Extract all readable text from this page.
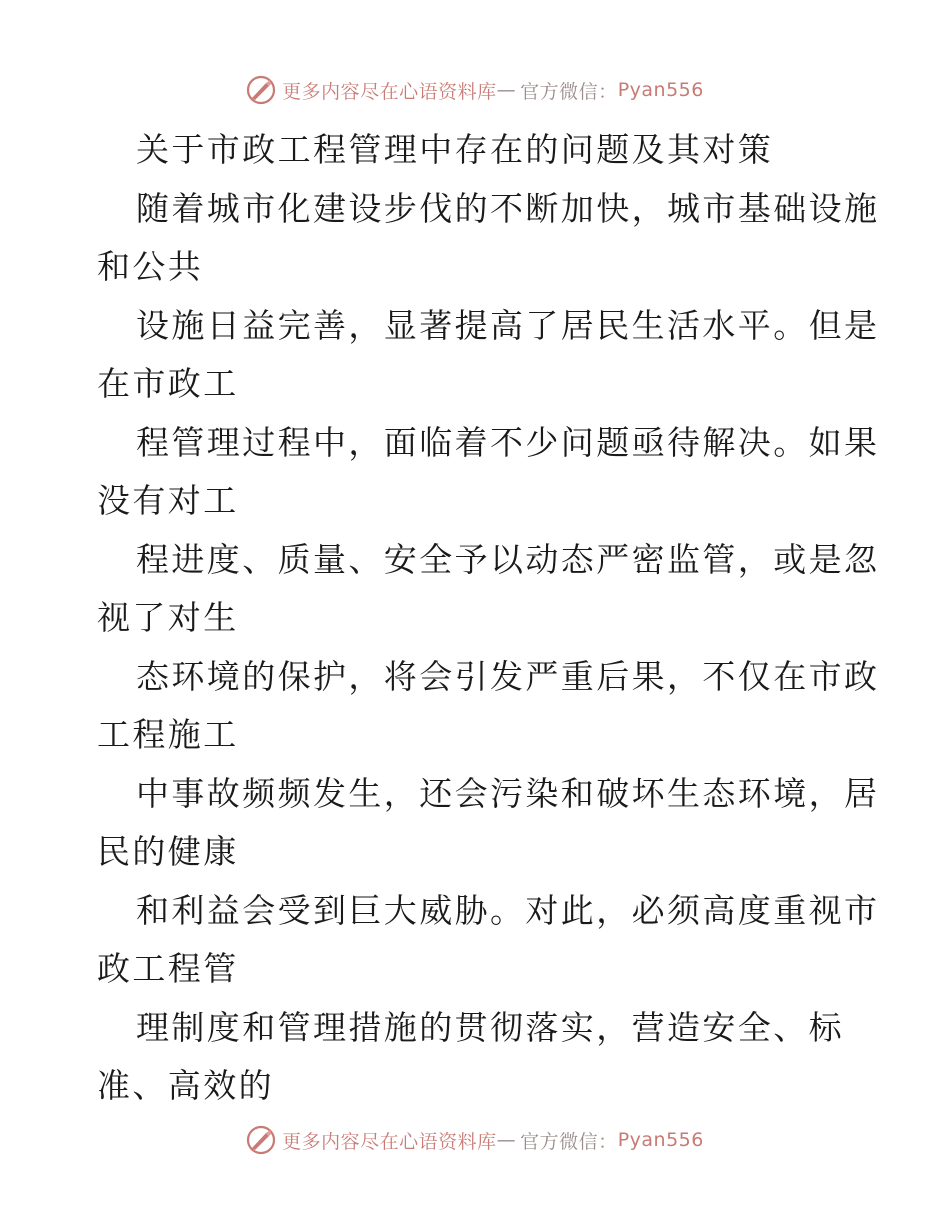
更多内容尽在心语资料库 — 官方微信： Pyan556
关于市政工程管理中存在的问题及其对策
随着城市化建设步伐的不断加快，城市基础设施
和公共
设施日益完善，显著提高了居民生活水平。但是
在市政工
程管理过程中，面临着不少问题亟待解决。如果
没有对工
程进度、质量、安全予以动态严密监管，或是忽
视了对生
态环境的保护，将会引发严重后果，不仅在市政
工程施工
中事故频频发生，还会污染和破坏生态环境，居
民的健康
和利益会受到巨大威胁。对此，必须高度重视市
政工程管
理制度和管理措施的贯彻落实，营造安全、标
准、高效的
更多内容尽在心语资料库 — 官方微信： Pyan556
